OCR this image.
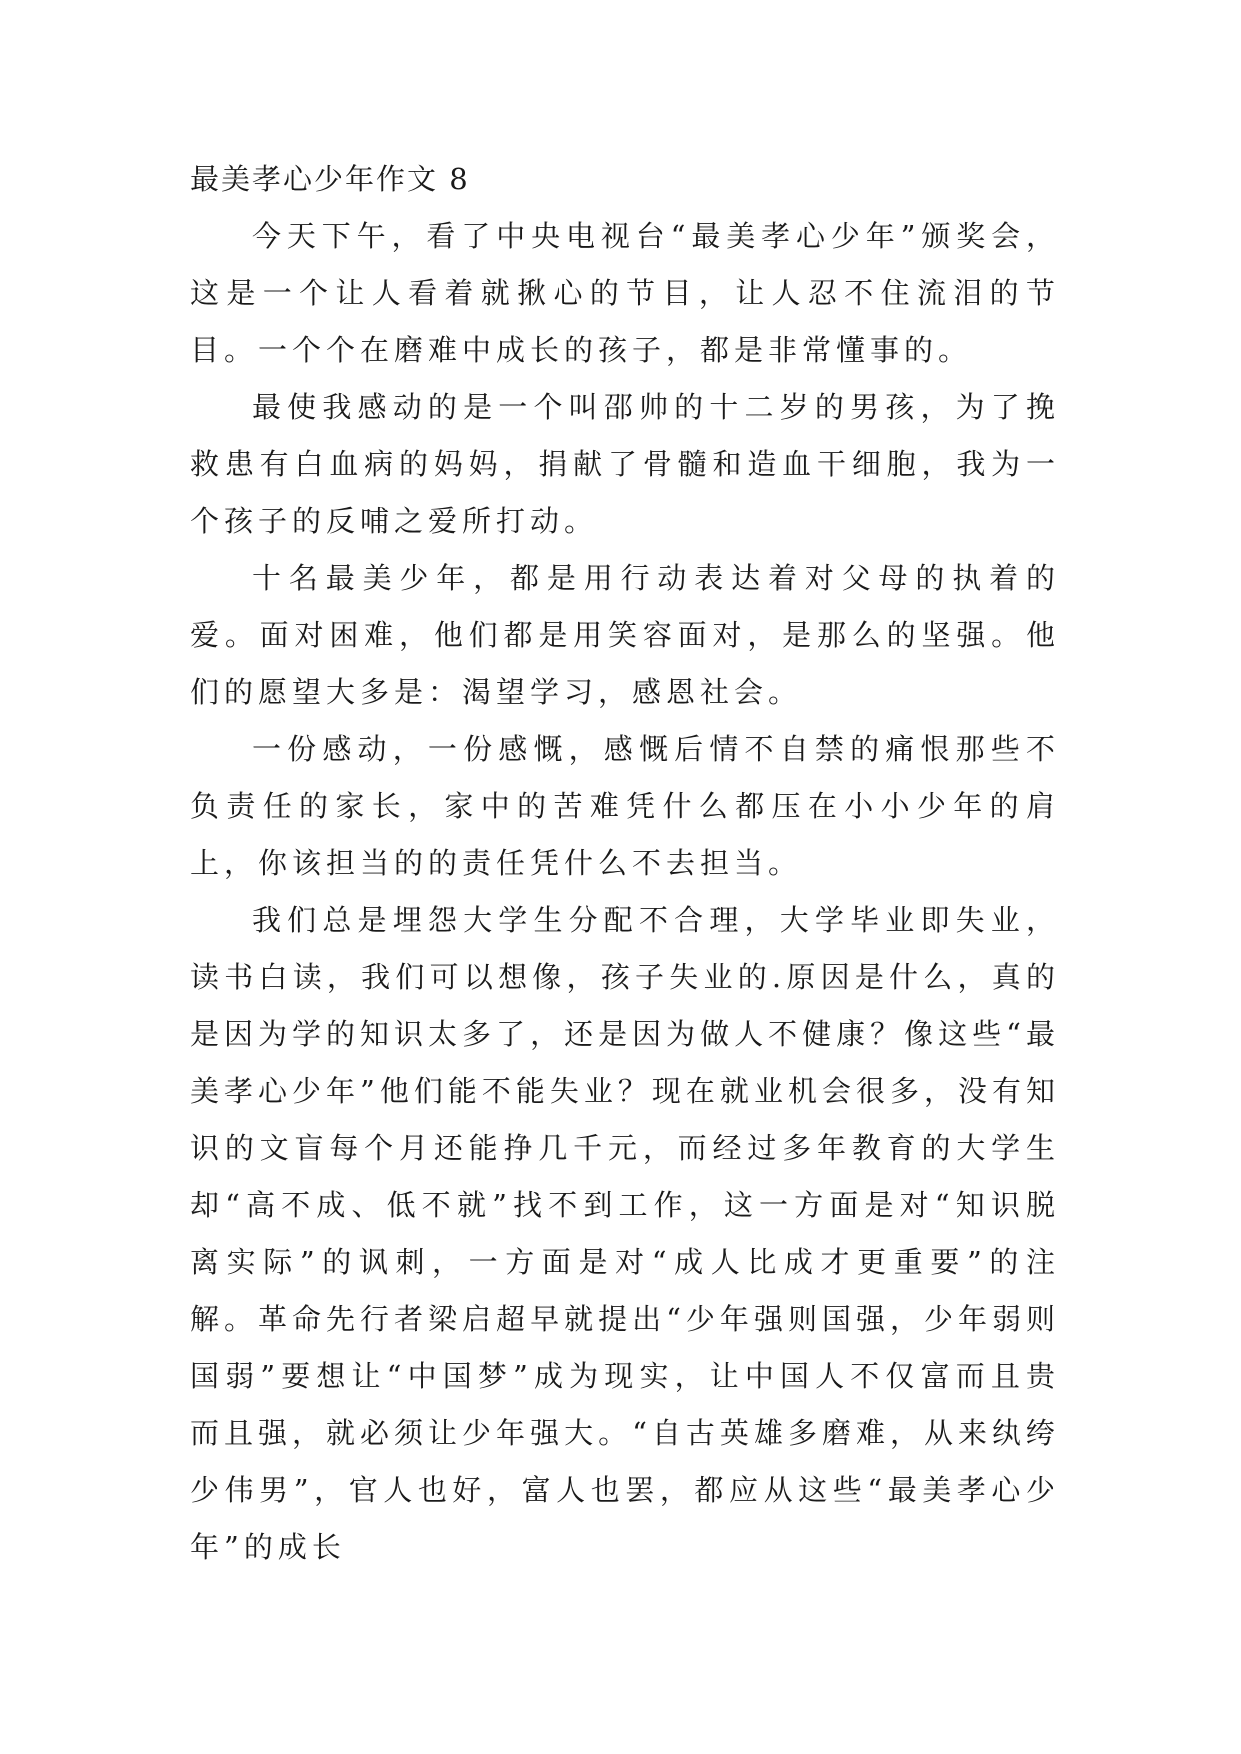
最美孝心少年作文 8

今天下午，看了中央电视台“最美孝心少年”颁奖会，这是一个让人看着就揪心的节目，让人忍不住流泪的节目。一个个在磨难中成长的孩子，都是非常懂事的。

最使我感动的是一个叫邵帅的十二岁的男孩，为了挽救患有白血病的妈妈，捐献了骨髓和造血干细胞，我为一个孩子的反哺之爱所打动。

十名最美少年，都是用行动表达着对父母的执着的爱。面对困难，他们都是用笑容面对，是那么的坚强。他们的愿望大多是：渴望学习，感恩社会。

一份感动，一份感慨，感慨后情不自禁的痛恨那些不负责任的家长，家中的苦难凭什么都压在小小少年的肩上，你该担当的的责任凭什么不去担当。

我们总是埋怨大学生分配不合理，大学毕业即失业，读书白读，我们可以想像，孩子失业的.原因是什么，真的是因为学的知识太多了，还是因为做人不健康？像这些“最美孝心少年”他们能不能失业？现在就业机会很多，没有知识的文盲每个月还能挣几千元，而经过多年教育的大学生却“高不成、低不就”找不到工作，这一方面是对“知识脱离实际”的讽刺，一方面是对“成人比成才更重要”的注解。革命先行者梁启超早就提出“少年强则国强，少年弱则国弱”要想让“中国梦”成为现实，让中国人不仅富而且贵而且强，就必须让少年强大。“自古英雄多磨难，从来纨绔少伟男”，官人也好，富人也罢，都应从这些“最美孝心少年”的成长
